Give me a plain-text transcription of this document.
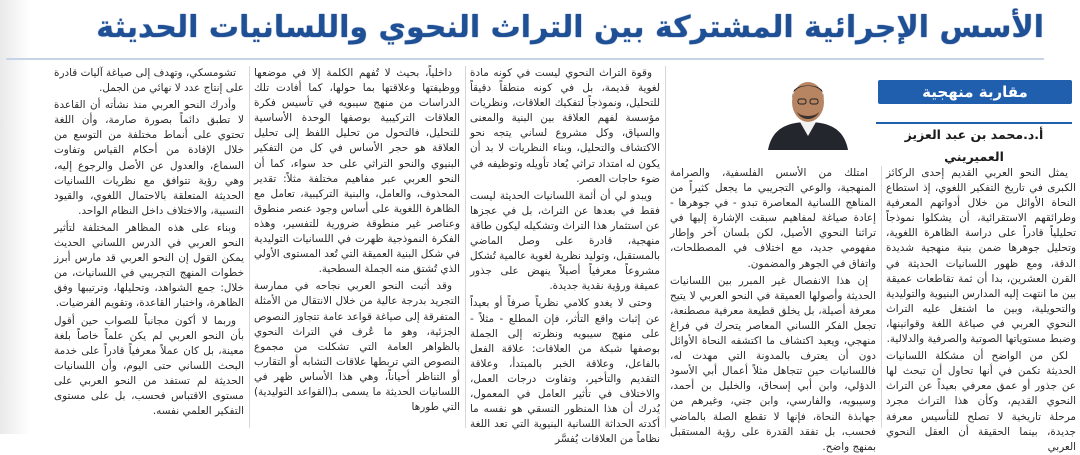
الأسس الإجرائية المشتركة بين التراث النحوي واللسانيات الحديثة
مقاربة منهجية
أ.د.محمد بن عبد العزيز العميريني

يمثل النحو العربي القديم إحدى الركائز الكبرى في تاريخ التفكير اللغوي، إذ استطاع النحاة الأوائل من خلال أدواتهم المعرفية وطرائقهم الاستقرائية، أن يشكلوا نموذجاً تحليلياً قادراً على دراسة الظاهرة اللغوية، وتحليل جوهرها ضمن بنية منهجية شديدة الدقة، ومع ظهور اللسانيات الحديثة في القرن العشرين، بدا أن ثمة تقاطعات عميقة بين ما انتهت إليه المدارس البنيوية والتوليدية والتحويلية، وبين ما اشتغل عليه التراث النحوي العربي في صياغة اللغة وقوانينها، وضبط مستوياتها الصوتية والصرفية والدلالية.

لكن من الواضح أن مشكلة اللسانيات الحديثة تكمن في أنها تحاول أن تبحث لها عن جذور أو عمق معرفي بعيداً عن التراث النحوي القديم، وكأن هذا التراث مجرد مرحلة تاريخية لا تصلح للتأسيس معرفة جديدة، بينما الحقيقة أن العقل النحوي العربي

امتلك من الأسس الفلسفية، والصرامة المنهجية، والوعي التجريبي ما يجعل كثيراً من المناهج اللسانية المعاصرة تبدو - في جوهرها - إعادة صياغة لمفاهيم سبقت الإشارة إليها في تراثنا النحوي الأصيل، لكن بلسان آخر وإطار مفهومي جديد، مع اختلاف في المصطلحات، واتفاق في الجوهر والمضمون.

إن هذا الانفصال غير المبرر بين اللسانيات الحديثة وأصولها العميقة في النحو العربي لا يتيح معرفة أصيلة، بل يخلق قطيعة معرفية مصطنعة، تجعل الفكر اللساني المعاصر يتحرك في فراغ منهجي، ويعيد اكتشاف ما اكتشفه النحاة الأوائل دون أن يعترف بالمدونة التي مهدت له، فاللسانيات حين تتجاهل مثلاً أعمال أبي الأسود الدؤلي، وابن أبي إسحاق، والخليل بن أحمد، وسيبويه، والفارسي، وابن جني، وغيرهم من جهابذة النحاة، فإنها لا تقطع الصلة بالماضي فحسب، بل تفقد القدرة على رؤية المستقبل بمنهج واضح.

وقوة التراث النحوي ليست في كونه مادة لغوية قديمة، بل في كونه منطقاً دقيقاً للتحليل، ونموذجاً لتفكيك العلاقات، ونظريات مؤسسة لفهم العلاقة بين البنية والمعنى والسياق، وكل مشروع لساني يتجه نحو الاكتشاف والتحليل، وبناء النظريات لا بد أن يكون له امتداد تراثي يُعاد تأويله وتوظيفه في ضوء حاجات العصر.

ويبدو لي أن أئمة اللسانيات الحديثة ليست فقط في بعدها عن التراث، بل في عجزها عن استثمار هذا التراث وتشكيله ليكون طاقة منهجية، قادرة على وصل الماضي بالمستقبل، وتوليد نظرية لغوية عالمية تُشكل مشروعاً معرفياً أصيلاً ينهض على جذور عميقة ورؤية نقدية جديدة.

وحتى لا يغدو كلامي نظرياً صرفاً أو بعيداً عن إثبات واقع التأثر، فإن المطلع - مثلاً - على منهج سيبويه ونظرته إلى الجملة بوصفها شبكة من العلاقات: علاقة الفعل بالفاعل، وعلاقة الخبر بالمبتدأ، وعلاقة التقديم والتأخير، وتفاوت درجات العمل، والاختلاف في تأثير العامل في المعمول، يُدرك أن هذا المنظور النسقي هو نفسه ما أكدته الحداثة اللسانية البنيوية التي تعد اللغة نظاماً من العلاقات يُفسَّر

داخلياً، بحيث لا تُفهم الكلمة إلا في موضعها ووظيفتها وعلاقتها بما حولها، كما أفادت تلك الدراسات من منهج سيبويه في تأسيس فكرة العلاقات التركيبية بوصفها الوحدة الأساسية للتحليل، فالتحول من تحليل اللفظ إلى تحليل العلاقة هو حجر الأساس في كل من التفكير البنيوي والنحو التراثي على حد سواء، كما أن النحو العربي عبر مفاهيم مختلفة مثلاً: تقدير المحذوف، والعامل، والبنية التركيبية، تعامل مع الظاهرة اللغوية على أساس وجود عنصر منطوق وعناصر غير منطوقة ضرورية للتفسير، وهذه الفكرة النموذجية ظهرت في اللسانيات التوليدية في شكل البنية العميقة التي تُعد المستوى الأولي الذي تُشتق منه الجملة السطحية.

وقد أثبت النحو العربي نجاحه في ممارسة التجريد بدرجة عالية من خلال الانتقال من الأمثلة المتفرقة إلى صياغة قواعد عامة تتجاوز النصوص الجزئية، وهو ما عُرف في التراث النحوي بالظواهر العامة التي تشكلت من مجموع النصوص التي تربطها علاقات التشابه أو التقارب أو التناظر أحياناً، وهي هذا الأساس ظهر في اللسانيات الحديثة ما يسمى بـ(القواعد التوليدية) التي طورها

تشومسكي، وتهدف إلى صياغة آليات قادرة على إنتاج عدد لا نهائي من الجمل.

وأدرك النحو العربي منذ نشأته أن القاعدة لا تطبق دائماً بصورة صارمة، وأن اللغة تحتوي على أنماط مختلفة من التوسع من خلال الإفادة من أحكام القياس وتفاوت السماع، والعدول عن الأصل والرجوع إليه، وهي رؤية تتوافق مع نظريات اللسانيات الحديثة المتعلقة بالاحتمال اللغوي، والقيود النسبية، والاختلاف داخل النظام الواحد.

وبناء على هذه المظاهر المختلفة لتأثير النحو العربي في الدرس اللساني الحديث يمكن القول إن النحو العربي قد مارس أبرز خطوات المنهج التجريبي في اللسانيات، من خلال: جمع الشواهد، وتحليلها، وترتيبها وفق الظاهرة، واختبار القاعدة، وتقويم الفرضيات.

وربما لا أكون مجانباً للصواب حين أقول بأن النحو العربي لم يكن علماً خاصاً بلغة معينة، بل كان عملاً معرفياً قادراً على خدمة البحث اللساني حتى اليوم، وأن اللسانيات الحديثة لم تستفد من النحو العربي على مستوى الاقتباس فحسب، بل على مستوى التفكير العلمي نفسه.
